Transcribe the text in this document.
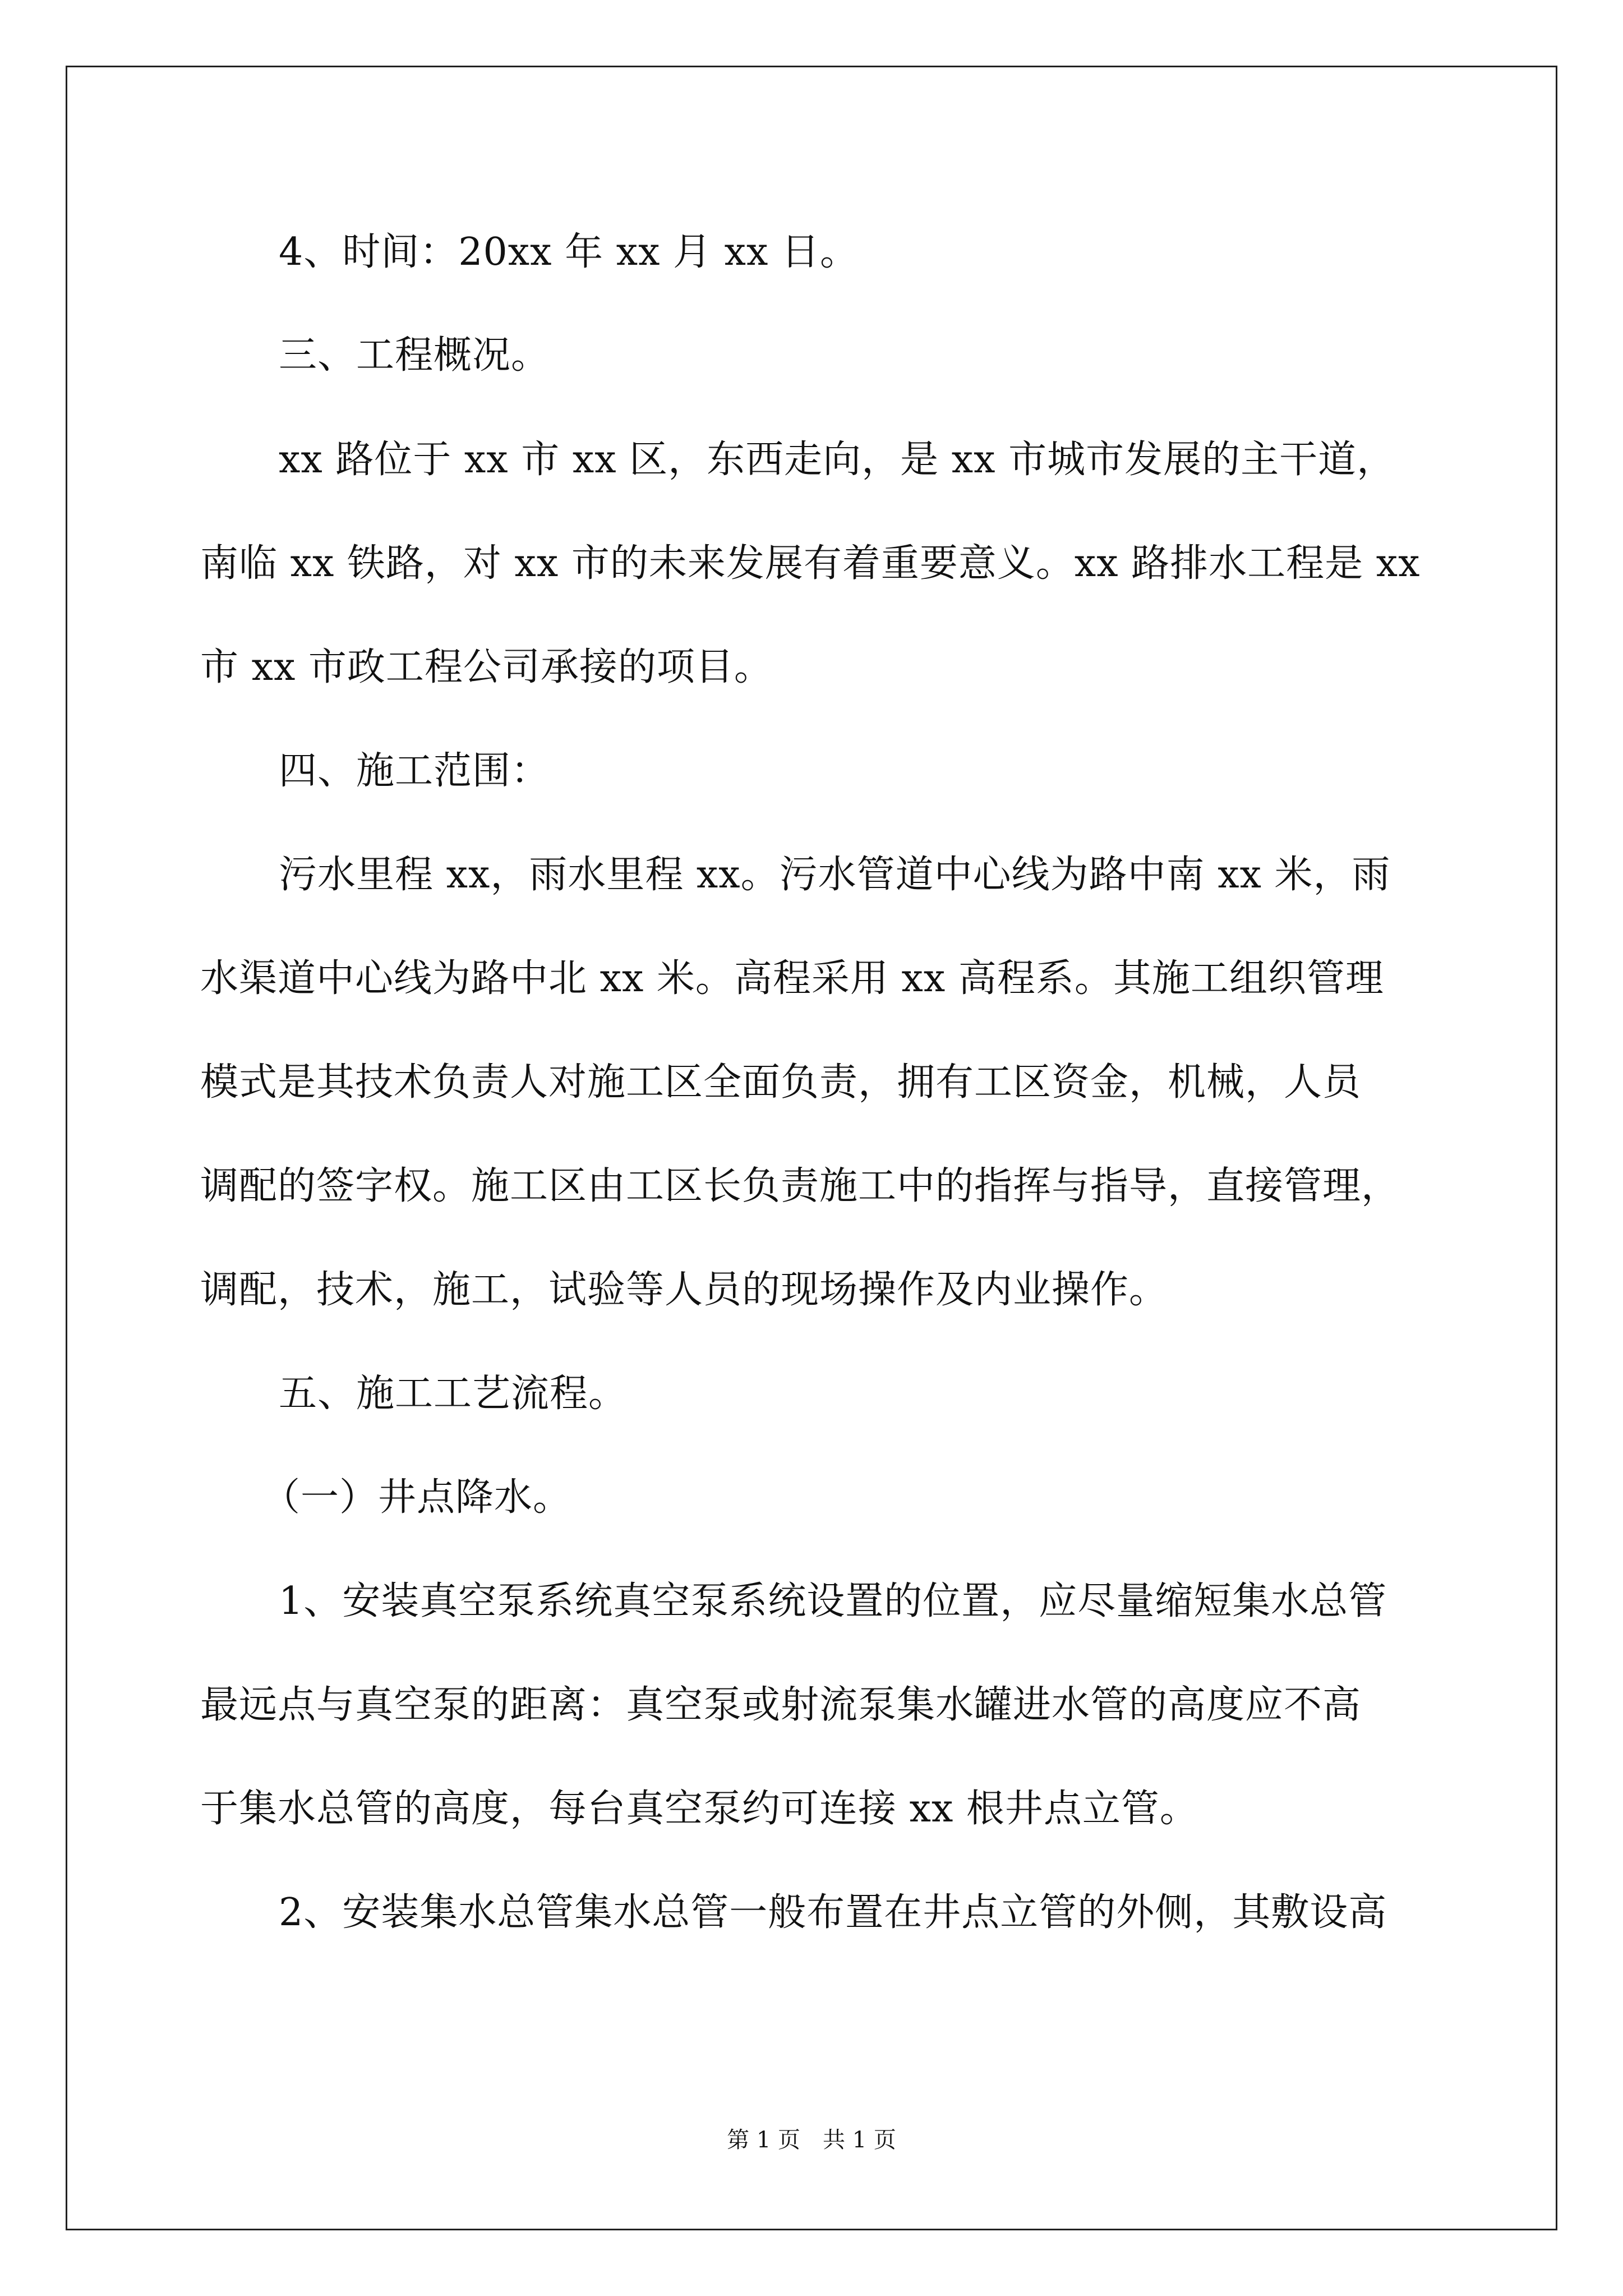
4、时间：20xx 年 xx 月 xx 日。
三、工程概况。
xx 路位于 xx 市 xx 区，东西走向，是 xx 市城市发展的主干道，
南临 xx 铁路，对 xx 市的未来发展有着重要意义。xx 路排水工程是 xx
市 xx 市政工程公司承接的项目。
四、施工范围：
污水里程 xx，雨水里程 xx。污水管道中心线为路中南 xx 米，雨
水渠道中心线为路中北 xx 米。高程采用 xx 高程系。其施工组织管理
模式是其技术负责人对施工区全面负责，拥有工区资金，机械，人员
调配的签字权。施工区由工区长负责施工中的指挥与指导，直接管理，
调配，技术，施工，试验等人员的现场操作及内业操作。
五、施工工艺流程。
（一）井点降水。
1、安装真空泵系统真空泵系统设置的位置，应尽量缩短集水总管
最远点与真空泵的距离：真空泵或射流泵集水罐进水管的高度应不高
于集水总管的高度，每台真空泵约可连接 xx 根井点立管。
2、安装集水总管集水总管一般布置在井点立管的外侧，其敷设高
第 1 页　共 1 页
